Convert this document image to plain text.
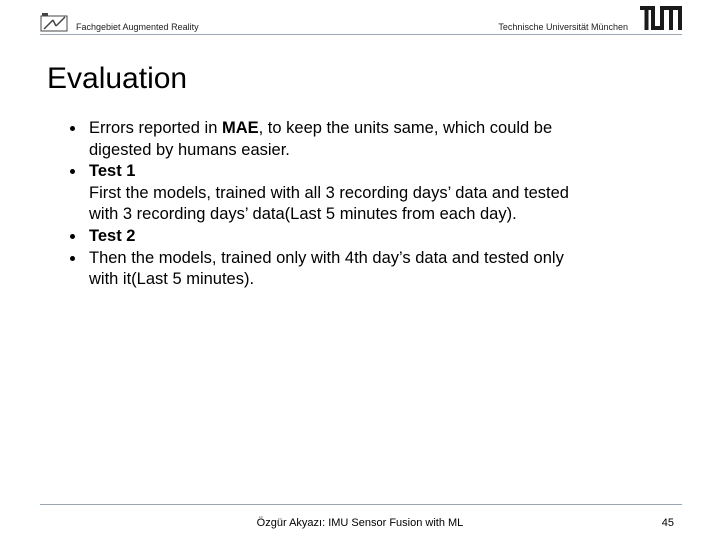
Fachgebiet Augmented Reality	Technische Universität München
Evaluation
Errors reported in MAE, to keep the units same, which could be digested by humans easier.
Test 1
First the models, trained with all 3 recording days’ data and tested with 3 recording days’ data(Last 5 minutes from each day).
Test 2
Then the models, trained only with 4th day’s data and tested only with it(Last 5 minutes).
Özgür Akyazı: IMU Sensor Fusion with ML	45
